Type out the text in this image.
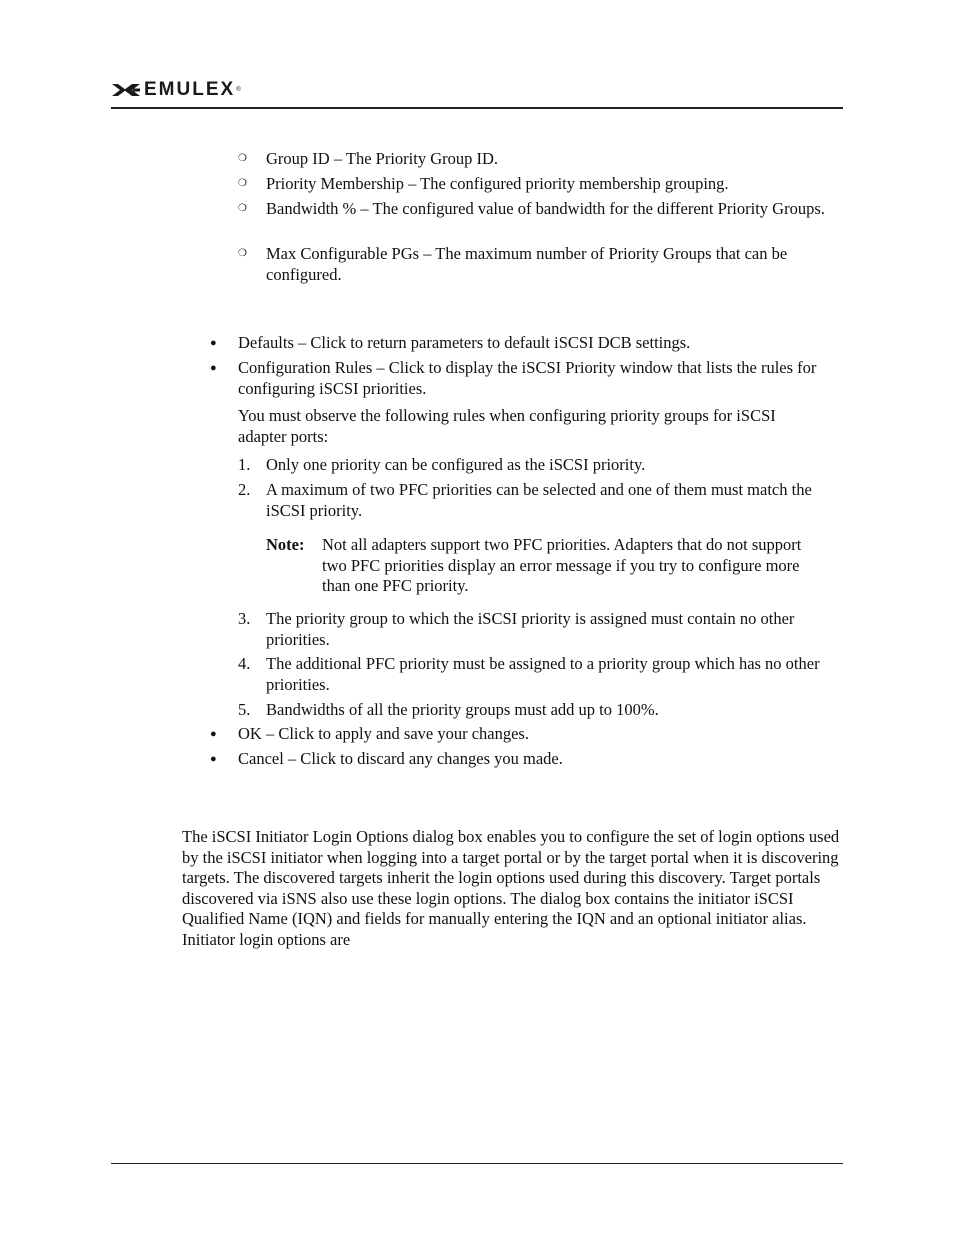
EMULEX ®
❍ Group ID – The Priority Group ID.
❍ Priority Membership – The configured priority membership grouping.
❍ Bandwidth % – The configured value of bandwidth for the different Priority Groups.
❍ Max Configurable PGs – The maximum number of Priority Groups that can be configured.
● Defaults – Click to return parameters to default iSCSI DCB settings.
● Configuration Rules – Click to display the iSCSI Priority window that lists the rules for configuring iSCSI priorities.
You must observe the following rules when configuring priority groups for iSCSI adapter ports:
1. Only one priority can be configured as the iSCSI priority.
2. A maximum of two PFC priorities can be selected and one of them must match the iSCSI priority.
Note: Not all adapters support two PFC priorities. Adapters that do not support two PFC priorities display an error message if you try to configure more than one PFC priority.
3. The priority group to which the iSCSI priority is assigned must contain no other priorities.
4. The additional PFC priority must be assigned to a priority group which has no other priorities.
5. Bandwidths of all the priority groups must add up to 100%.
● OK – Click to apply and save your changes.
● Cancel – Click to discard any changes you made.
The iSCSI Initiator Login Options dialog box enables you to configure the set of login options used by the iSCSI initiator when logging into a target portal or by the target portal when it is discovering targets. The discovered targets inherit the login options used during this discovery. Target portals discovered via iSNS also use these login options. The dialog box contains the initiator iSCSI Qualified Name (IQN) and fields for manually entering the IQN and an optional initiator alias. Initiator login options are
